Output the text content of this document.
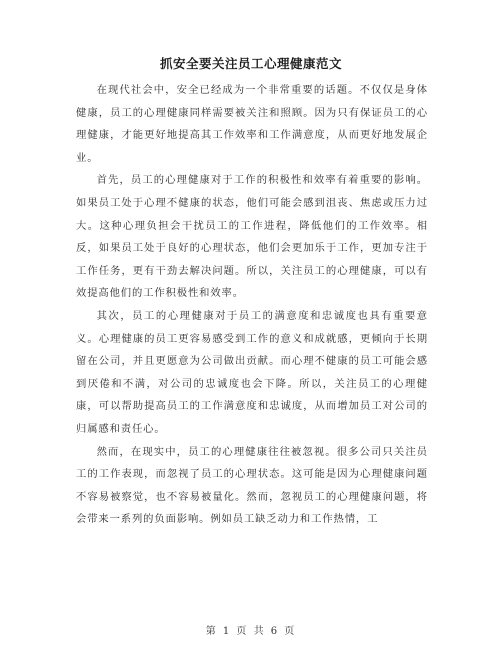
抓安全要关注员工心理健康范文

在现代社会中，安全已经成为一个非常重要的话题。不仅仅是身体健康，员工的心理健康同样需要被关注和照顾。因为只有保证员工的心理健康，才能更好地提高其工作效率和工作满意度，从而更好地发展企业。

首先，员工的心理健康对于工作的积极性和效率有着重要的影响。如果员工处于心理不健康的状态，他们可能会感到沮丧、焦虑或压力过大。这种心理负担会干扰员工的工作进程，降低他们的工作效率。相反，如果员工处于良好的心理状态，他们会更加乐于工作，更加专注于工作任务，更有干劲去解决问题。所以，关注员工的心理健康，可以有效提高他们的工作积极性和效率。

其次，员工的心理健康对于员工的满意度和忠诚度也具有重要意义。心理健康的员工更容易感受到工作的意义和成就感，更倾向于长期留在公司，并且更愿意为公司做出贡献。而心理不健康的员工可能会感到厌倦和不满，对公司的忠诚度也会下降。所以，关注员工的心理健康，可以帮助提高员工的工作满意度和忠诚度，从而增加员工对公司的归属感和责任心。

然而，在现实中，员工的心理健康往往被忽视。很多公司只关注员工的工作表现，而忽视了员工的心理状态。这可能是因为心理健康问题不容易被察觉，也不容易被量化。然而，忽视员工的心理健康问题，将会带来一系列的负面影响。例如员工缺乏动力和工作热情，工

第 1 页 共 6 页
